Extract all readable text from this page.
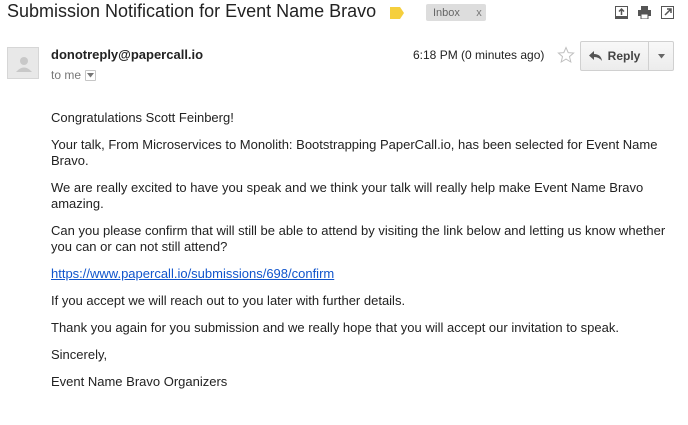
Submission Notification for Event Name Bravo	Inbox	x
donotreply@papercall.io
to me
6:18 PM (0 minutes ago)	Reply

Congratulations Scott Feinberg!

Your talk, From Microservices to Monolith: Bootstrapping PaperCall.io, has been selected for Event Name Bravo.

We are really excited to have you speak and we think your talk will really help make Event Name Bravo amazing.

Can you please confirm that will still be able to attend by visiting the link below and letting us know whether you can or can not still attend?

https://www.papercall.io/submissions/698/confirm

If you accept we will reach out to you later with further details.

Thank you again for you submission and we really hope that you will accept our invitation to speak.

Sincerely,

Event Name Bravo Organizers
